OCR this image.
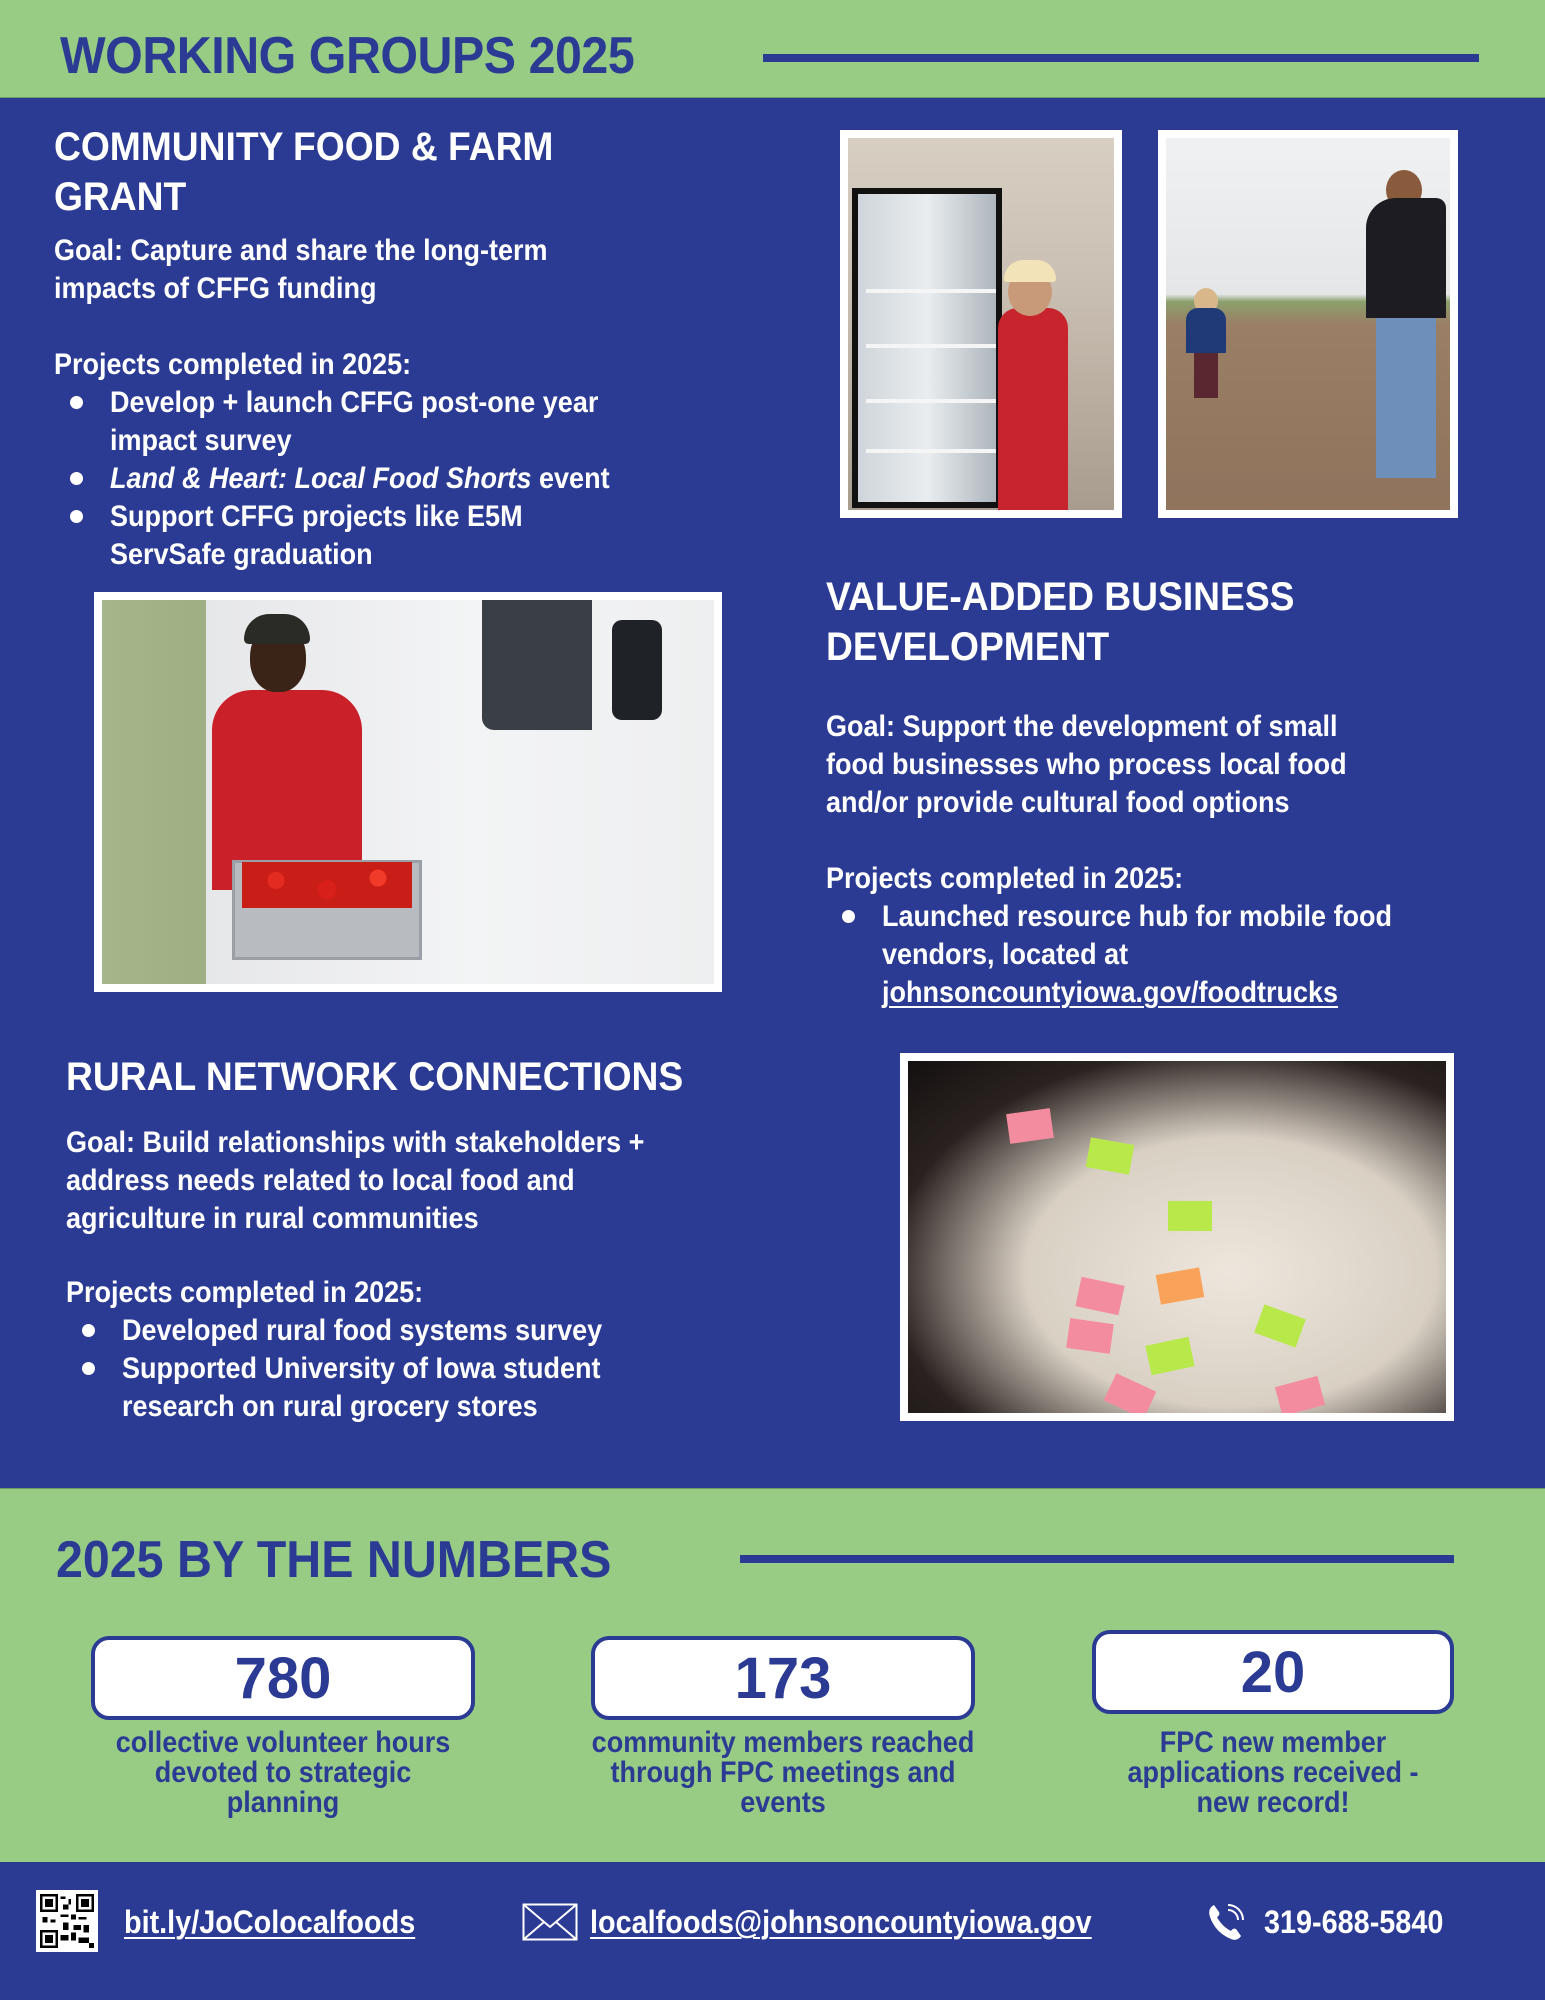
WORKING GROUPS 2025
COMMUNITY FOOD & FARM
GRANT
Goal: Capture and share the long-term
impacts of CFFG funding
Projects completed in 2025:
Develop + launch CFFG post-one year
impact survey
Land & Heart: Local Food Shorts event
Support CFFG projects like E5M
ServSafe graduation
VALUE-ADDED BUSINESS
DEVELOPMENT
Goal: Support the development of small
food businesses who process local food
and/or provide cultural food options
Projects completed in 2025:
Launched resource hub for mobile food
vendors, located at
johnsoncountyiowa.gov/foodtrucks
RURAL NETWORK CONNECTIONS
Goal: Build relationships with stakeholders +
address needs related to local food and
agriculture in rural communities
Projects completed in 2025:
Developed rural food systems survey
Supported University of Iowa student
research on rural grocery stores
2025 BY THE NUMBERS
780
collective volunteer hours
devoted to strategic
planning
173
community members reached
through FPC meetings and
events
20
FPC new member
applications received -
new record!
bit.ly/JoColocalfoods	localfoods@johnsoncountyiowa.gov	319-688-5840
